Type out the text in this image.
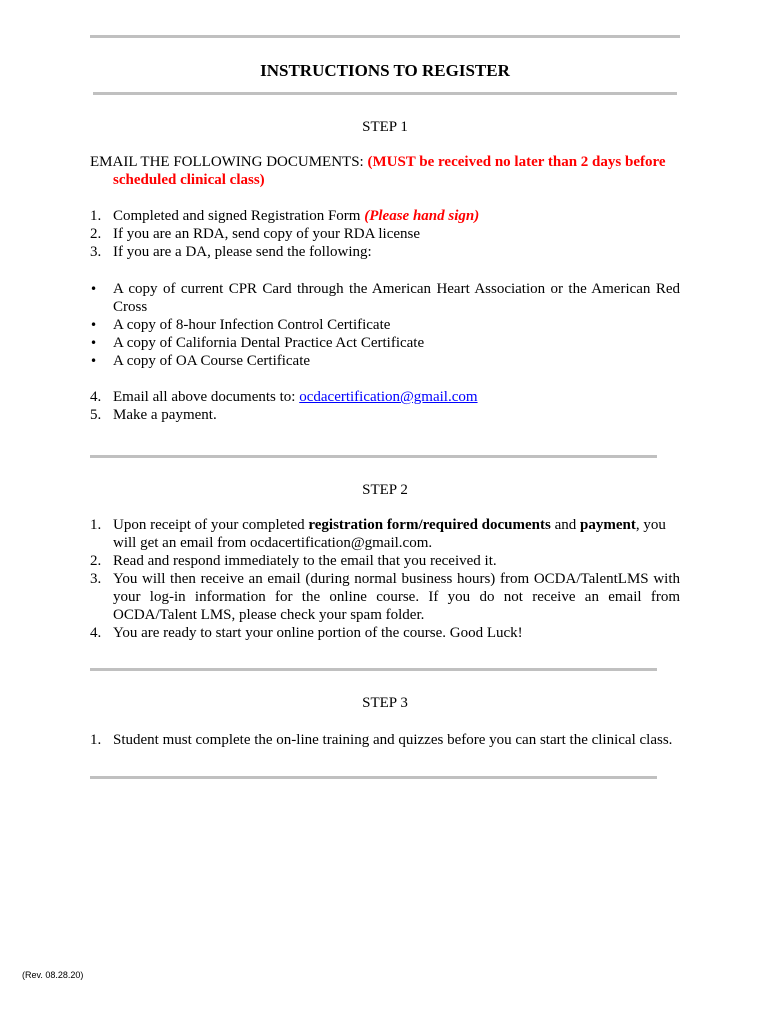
INSTRUCTIONS TO REGISTER
STEP 1
EMAIL THE FOLLOWING DOCUMENTS: (MUST be received no later than 2 days before scheduled clinical class)
1. Completed and signed Registration Form (Please hand sign)
2. If you are an RDA, send copy of your RDA license
3. If you are a DA, please send the following:
•	A copy of current CPR Card through the American Heart Association or the American Red Cross
•	A copy of 8-hour Infection Control Certificate
•	A copy of California Dental Practice Act Certificate
•	A copy of OA Course Certificate
4. Email all above documents to: ocdacertification@gmail.com
5. Make a payment.
STEP 2
1. Upon receipt of your completed registration form/required documents and payment, you will get an email from ocdacertification@gmail.com.
2. Read and respond immediately to the email that you received it.
3. You will then receive an email (during normal business hours) from OCDA/TalentLMS with your log-in information for the online course. If you do not receive an email from OCDA/Talent LMS, please check your spam folder.
4. You are ready to start your online portion of the course. Good Luck!
STEP 3
1. Student must complete the on-line training and quizzes before you can start the clinical class.
(Rev. 08.28.20)
